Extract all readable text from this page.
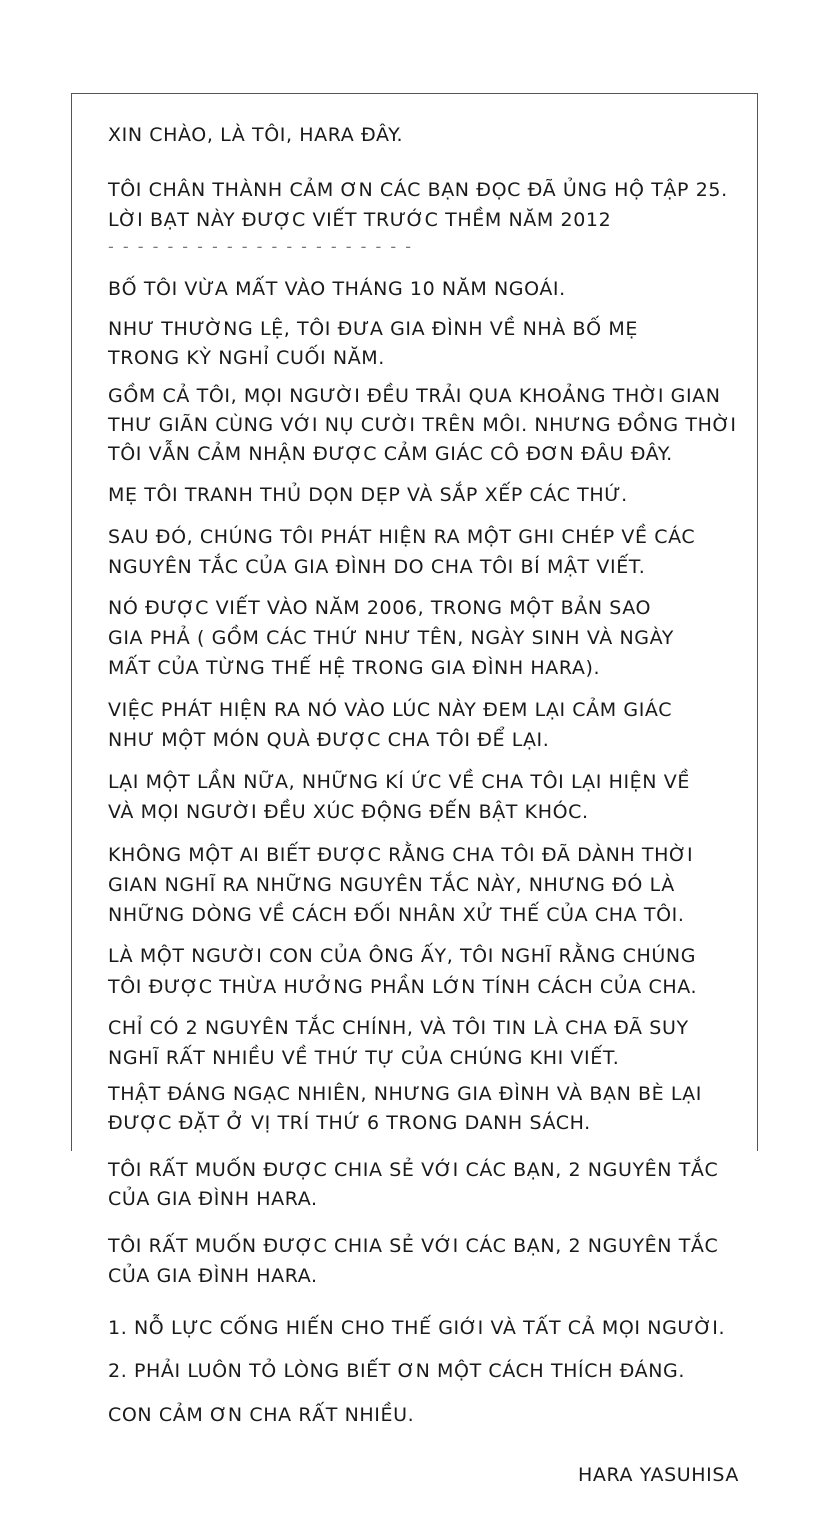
XIN CHÀO, LÀ TÔI, HARA ĐÂY.
TÔI CHÂN THÀNH CẢM ƠN CÁC BẠN ĐỌC ĐÃ ỦNG HỘ TẬP 25.
LỜI BẠT NÀY ĐƯỢC VIẾT TRƯỚC THỀM NĂM 2012
- - - - - - - - - - - - - - - - - - - - -
BỐ TÔI VỪA MẤT VÀO THÁNG 10 NĂM NGOÁI.
NHƯ THƯỜNG LỆ, TÔI ĐƯA GIA ĐÌNH VỀ NHÀ BỐ MẸ
TRONG KỲ NGHỈ CUỐI NĂM.
GỒM CẢ TÔI, MỌI NGƯỜI ĐỀU TRẢI QUA KHOẢNG THỜI GIAN
THƯ GIÃN CÙNG VỚI NỤ CƯỜI TRÊN MÔI. NHƯNG ĐỒNG THỜI
TÔI VẪN CẢM NHẬN ĐƯỢC CẢM GIÁC CÔ ĐƠN ĐÂU ĐÂY.
MẸ TÔI TRANH THỦ DỌN DẸP VÀ SẮP XẾP CÁC THỨ.
SAU ĐÓ, CHÚNG TÔI PHÁT HIỆN RA MỘT GHI CHÉP VỀ CÁC
NGUYÊN TẮC CỦA GIA ĐÌNH DO CHA TÔI BÍ MẬT VIẾT.
NÓ ĐƯỢC VIẾT VÀO NĂM 2006, TRONG MỘT BẢN SAO
GIA PHẢ ( GỒM CÁC THỨ NHƯ TÊN, NGÀY SINH VÀ NGÀY
MẤT CỦA TỪNG THẾ HỆ TRONG GIA ĐÌNH HARA).
VIỆC PHÁT HIỆN RA NÓ VÀO LÚC NÀY ĐEM LẠI CẢM GIÁC
NHƯ MỘT MÓN QUÀ ĐƯỢC CHA TÔI ĐỂ LẠI.
LẠI MỘT LẦN NỮA, NHỮNG KÍ ỨC VỀ CHA TÔI LẠI HIỆN VỀ
VÀ MỌI NGƯỜI ĐỀU XÚC ĐỘNG ĐẾN BẬT KHÓC.
KHÔNG MỘT AI BIẾT ĐƯỢC RẰNG CHA TÔI ĐÃ DÀNH THỜI
GIAN NGHĨ RA NHỮNG NGUYÊN TẮC NÀY, NHƯNG ĐÓ LÀ
NHỮNG DÒNG VỀ CÁCH ĐỐI NHÂN XỬ THẾ CỦA CHA TÔI.
LÀ MỘT NGƯỜI CON CỦA ÔNG ẤY, TÔI NGHĨ RẰNG CHÚNG
TÔI ĐƯỢC THỪA HƯỞNG PHẦN LỚN TÍNH CÁCH CỦA CHA.
CHỈ CÓ 2 NGUYÊN TẮC CHÍNH, VÀ TÔI TIN LÀ CHA ĐÃ SUY
NGHĨ RẤT NHIỀU VỀ THỨ TỰ CỦA CHÚNG KHI VIẾT.
THẬT ĐÁNG NGẠC NHIÊN, NHƯNG GIA ĐÌNH VÀ BẠN BÈ LẠI
ĐƯỢC ĐẶT Ở VỊ TRÍ THỨ 6 TRONG DANH SÁCH.
TÔI RẤT MUỐN ĐƯỢC CHIA SẺ VỚI CÁC BẠN, 2 NGUYÊN TẮC
CỦA GIA ĐÌNH HARA.
TÔI RẤT MUỐN ĐƯỢC CHIA SẺ VỚI CÁC BẠN, 2 NGUYÊN TẮC
CỦA GIA ĐÌNH HARA.
1. NỖ LỰC CỐNG HIẾN CHO THẾ GIỚI VÀ TẤT CẢ MỌI NGƯỜI.
2. PHẢI LUÔN TỎ LÒNG BIẾT ƠN MỘT CÁCH THÍCH ĐÁNG.
CON CẢM ƠN CHA RẤT NHIỀU.
HARA YASUHISA
